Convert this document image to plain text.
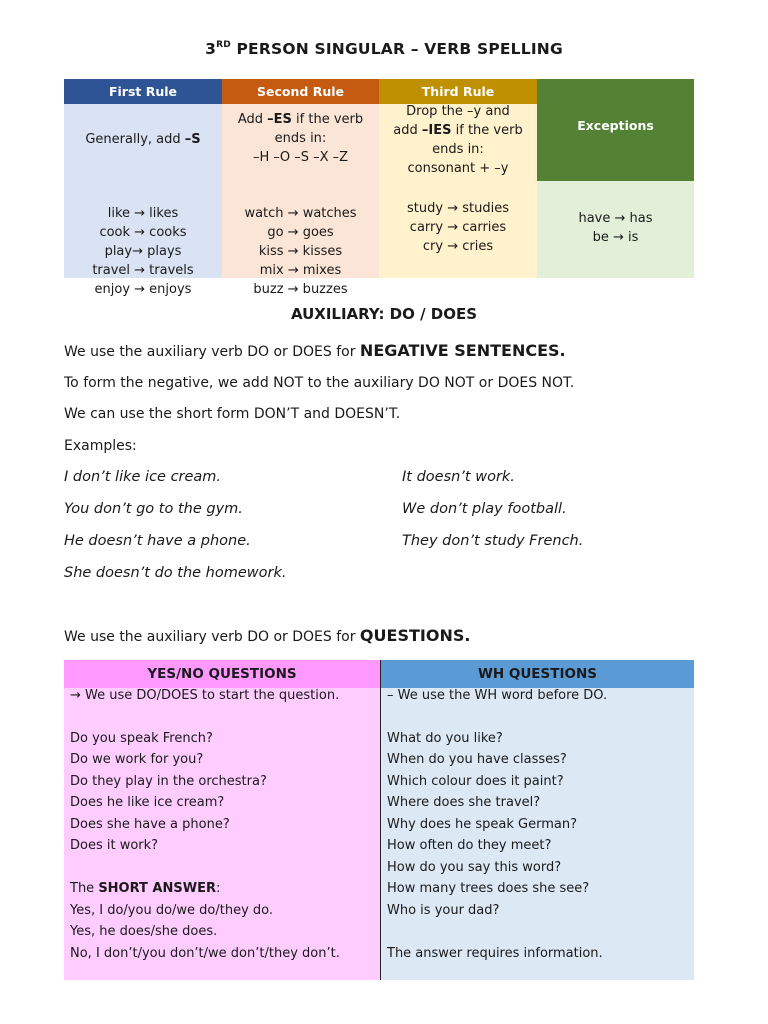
3RD PERSON SINGULAR – VERB SPELLING
First Rule
Generally, add –S
like → likes
cook → cooks
play→ plays
travel → travels
enjoy → enjoys
Second Rule
Add –ES if the verb
ends in:
–H –O –S –X –Z
watch → watches
go → goes
kiss → kisses
mix → mixes
buzz → buzzes
Third Rule
Drop the –y and
add –IES if the verb
ends in:
consonant + –y
study → studies
carry → carries
cry → cries
Exceptions
have → has
be → is
AUXILIARY: DO / DOES
We use the auxiliary verb DO or DOES for NEGATIVE SENTENCES.
To form the negative, we add NOT to the auxiliary DO NOT or DOES NOT.
We can use the short form DON’T and DOESN’T.
Examples:
I don’t like ice cream.
You don’t go to the gym.
He doesn’t have a phone.
She doesn’t do the homework.
It doesn’t work.
We don’t play football.
They don’t study French.
We use the auxiliary verb DO or DOES for QUESTIONS.
YES/NO QUESTIONS
→ We use DO/DOES to start the question.
Do you speak French?
Do we work for you?
Do they play in the orchestra?
Does he like ice cream?
Does she have a phone?
Does it work?
The SHORT ANSWER:
Yes, I do/you do/we do/they do.
Yes, he does/she does.
No, I don’t/you don’t/we don’t/they don’t.
WH QUESTIONS
– We use the WH word before DO.
What do you like?
When do you have classes?
Which colour does it paint?
Where does she travel?
Why does he speak German?
How often do they meet?
How do you say this word?
How many trees does she see?
Who is your dad?
The answer requires information.
